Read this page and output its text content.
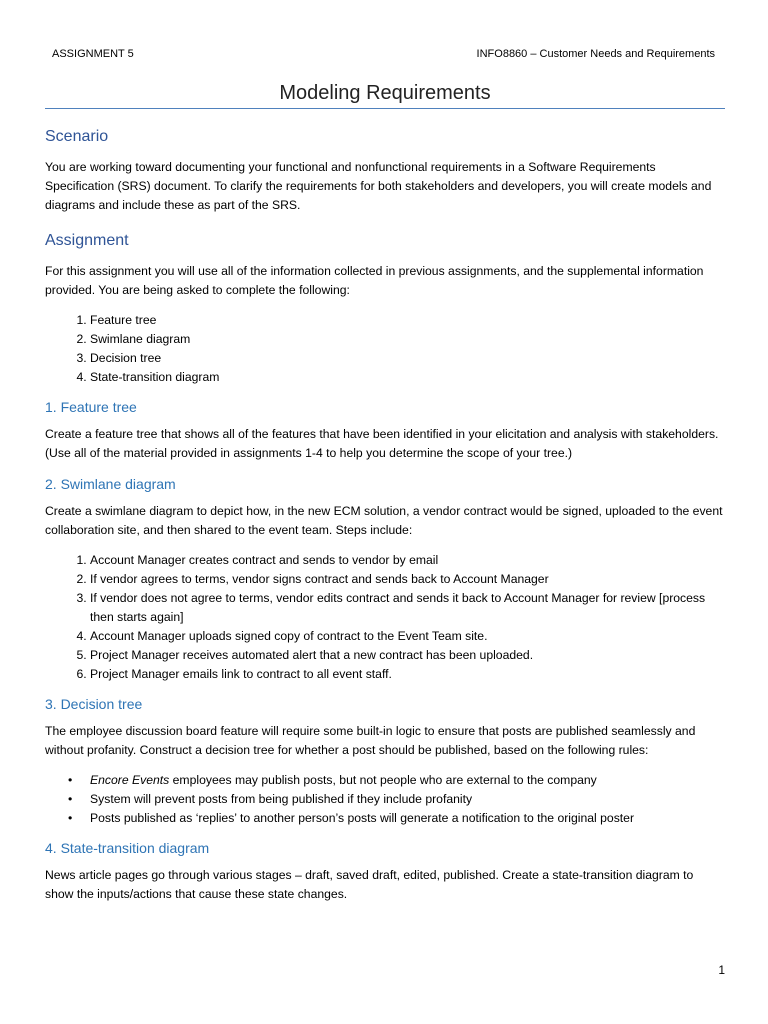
ASSIGNMENT 5	INFO8860 – Customer Needs and Requirements
Modeling Requirements
Scenario

You are working toward documenting your functional and nonfunctional requirements in a Software Requirements Specification (SRS) document. To clarify the requirements for both stakeholders and developers, you will create models and diagrams and include these as part of the SRS.

Assignment

For this assignment you will use all of the information collected in previous assignments, and the supplemental information provided. You are being asked to complete the following:

1. Feature tree
2. Swimlane diagram
3. Decision tree
4. State-transition diagram
1. Feature tree

Create a feature tree that shows all of the features that have been identified in your elicitation and analysis with stakeholders. (Use all of the material provided in assignments 1-4 to help you determine the scope of your tree.)

2. Swimlane diagram

Create a swimlane diagram to depict how, in the new ECM solution, a vendor contract would be signed, uploaded to the event collaboration site, and then shared to the event team. Steps include:

1. Account Manager creates contract and sends to vendor by email
2. If vendor agrees to terms, vendor signs contract and sends back to Account Manager
3. If vendor does not agree to terms, vendor edits contract and sends it back to Account Manager for review [process then starts again]
4. Account Manager uploads signed copy of contract to the Event Team site.
5. Project Manager receives automated alert that a new contract has been uploaded.
6. Project Manager emails link to contract to all event staff.
3. Decision tree

The employee discussion board feature will require some built-in logic to ensure that posts are published seamlessly and without profanity. Construct a decision tree for whether a post should be published, based on the following rules:

• Encore Events employees may publish posts, but not people who are external to the company
• System will prevent posts from being published if they include profanity
• Posts published as ‘replies’ to another person’s posts will generate a notification to the original poster
4. State-transition diagram

News article pages go through various stages – draft, saved draft, edited, published. Create a state-transition diagram to show the inputs/actions that cause these state changes.

1
